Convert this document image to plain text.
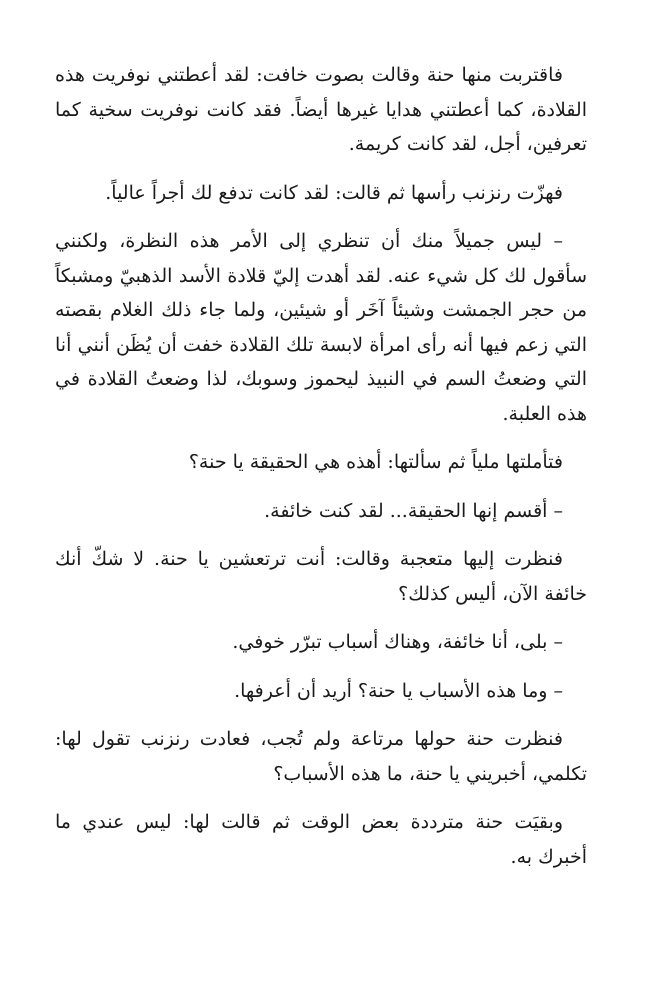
فاقتربت منها حنة وقالت بصوت خافت: لقد أعطتني نوفريت هذه القلادة، كما أعطتني هدايا غيرها أيضاً. فقد كانت نوفريت سخية كما تعرفين، أجل، لقد كانت كريمة.

فهزّت رنزنب رأسها ثم قالت: لقد كانت تدفع لك أجراً عالياً.

– ليس جميلاً منك أن تنظري إلى الأمر هذه النظرة، ولكنني سأقول لك كل شيء عنه. لقد أهدت إليّ قلادة الأسد الذهبيّ ومشبكاً من حجر الجمشت وشيئاً آخَر أو شيئين، ولما جاء ذلك الغلام بقصته التي زعم فيها أنه رأى امرأة لابسة تلك القلادة خفت أن يُظَن أنني أنا التي وضعتُ السم في النبيذ ليحموز وسوبك، لذا وضعتُ القلادة في هذه العلبة.

فتأملتها ملياً ثم سألتها: أهذه هي الحقيقة يا حنة؟

– أقسم إنها الحقيقة... لقد كنت خائفة.

فنظرت إليها متعجبة وقالت: أنت ترتعشين يا حنة. لا شكّ أنك خائفة الآن، أليس كذلك؟

– بلى، أنا خائفة، وهناك أسباب تبرّر خوفي.

– وما هذه الأسباب يا حنة؟ أريد أن أعرفها.

فنظرت حنة حولها مرتاعة ولم تُجب، فعادت رنزنب تقول لها: تكلمي، أخبريني يا حنة، ما هذه الأسباب؟

وبقيَت حنة مترددة بعض الوقت ثم قالت لها: ليس عندي ما أخبرك به.
